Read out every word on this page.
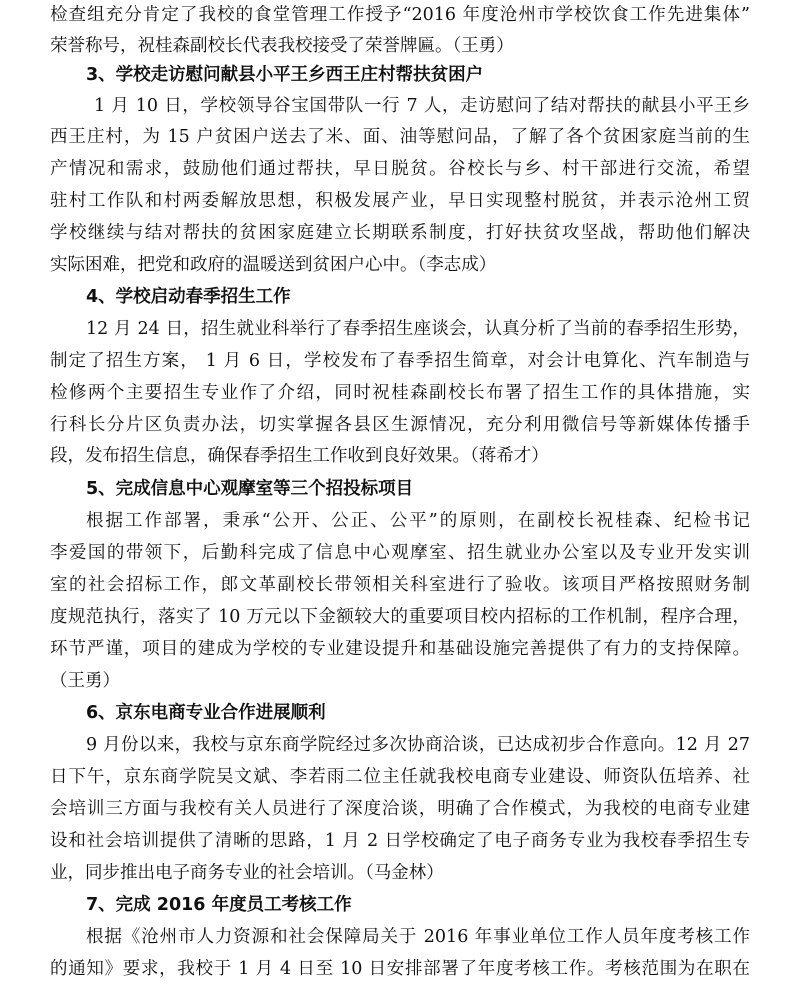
检查组充分肯定了我校的食堂管理工作授予“2016 年度沧州市学校饮食工作先进集体”
荣誉称号，祝桂森副校长代表我校接受了荣誉牌匾。（王勇）
3、学校走访慰问献县小平王乡西王庄村帮扶贫困户
1 月 10 日，学校领导谷宝国带队一行 7 人，走访慰问了结对帮扶的献县小平王乡
西王庄村，为 15 户贫困户送去了米、面、油等慰问品，了解了各个贫困家庭当前的生
产情况和需求，鼓励他们通过帮扶，早日脱贫。谷校长与乡、村干部进行交流，希望
驻村工作队和村两委解放思想，积极发展产业，早日实现整村脱贫，并表示沧州工贸
学校继续与结对帮扶的贫困家庭建立长期联系制度，打好扶贫攻坚战，帮助他们解决
实际困难，把党和政府的温暖送到贫困户心中。（李志成）
4、学校启动春季招生工作
12 月 24 日，招生就业科举行了春季招生座谈会，认真分析了当前的春季招生形势，
制定了招生方案， 1 月 6 日，学校发布了春季招生简章，对会计电算化、汽车制造与
检修两个主要招生专业作了介绍，同时祝桂森副校长布署了招生工作的具体措施，实
行科长分片区负责办法，切实掌握各县区生源情况，充分利用微信号等新媒体传播手
段，发布招生信息，确保春季招生工作收到良好效果。（蒋希才）
5、完成信息中心观摩室等三个招投标项目
根据工作部署，秉承“公开、公正、公平”的原则，在副校长祝桂森、纪检书记
李爱国的带领下，后勤科完成了信息中心观摩室、招生就业办公室以及专业开发实训
室的社会招标工作，郎文革副校长带领相关科室进行了验收。该项目严格按照财务制
度规范执行，落实了 10 万元以下金额较大的重要项目校内招标的工作机制，程序合理，
环节严谨，项目的建成为学校的专业建设提升和基础设施完善提供了有力的支持保障。
（王勇）
6、京东电商专业合作进展顺利
9 月份以来，我校与京东商学院经过多次协商洽谈，已达成初步合作意向。12 月 27
日下午，京东商学院吴文斌、李若雨二位主任就我校电商专业建设、师资队伍培养、社
会培训三方面与我校有关人员进行了深度洽谈，明确了合作模式，为我校的电商专业建
设和社会培训提供了清晰的思路，1 月 2 日学校确定了电子商务专业为我校春季招生专
业，同步推出电子商务专业的社会培训。（马金林）
7、完成 2016 年度员工考核工作
根据《沧州市人力资源和社会保障局关于 2016 年事业单位工作人员年度考核工作
的通知》要求，我校于 1 月 4 日至 10 日安排部署了年度考核工作。考核范围为在职在
